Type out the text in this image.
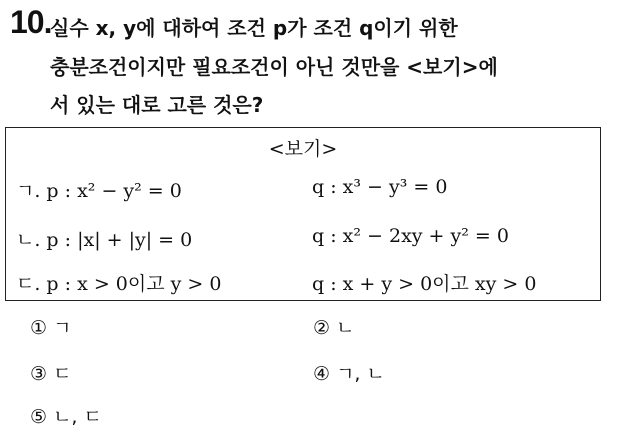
10.
실수 x, y에 대하여 조건 p가 조건 q이기 위한
충분조건이지만 필요조건이 아닌 것만을 <보기>에
서 있는 대로 고른 것은?
<보기>
ㄱ. p : x² − y² = 0	q : x³ − y³ = 0
ㄴ. p : |x| + |y| = 0	q : x² − 2xy + y² = 0
ㄷ. p : x > 0이고 y > 0	q : x + y > 0이고 xy > 0
① ㄱ	② ㄴ
③ ㄷ	④ ㄱ, ㄴ
⑤ ㄴ, ㄷ
